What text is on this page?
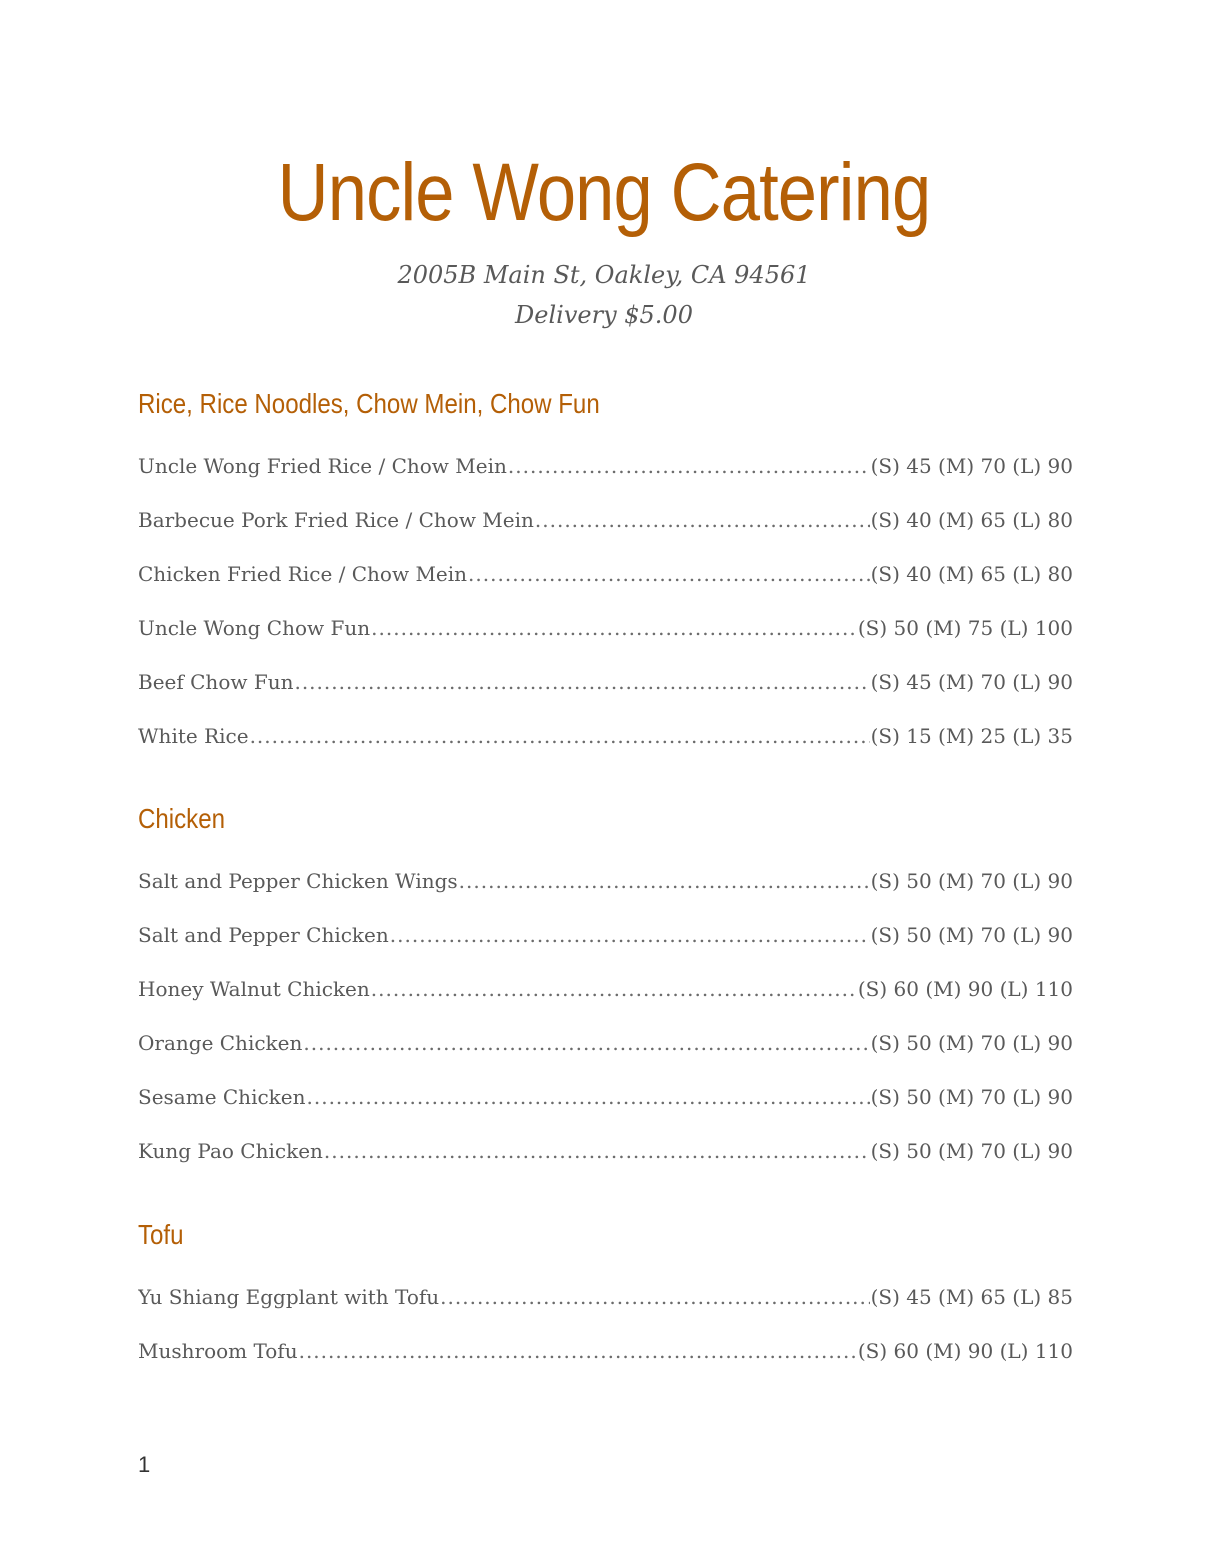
Uncle Wong Catering

2005B Main St, Oakley, CA 94561

Delivery $5.00

Rice, Rice Noodles, Chow Mein, Chow Fun
Uncle Wong Fried Rice / Chow Mein .....	(S) 45 (M) 70 (L) 90
Barbecue Pork Fried Rice / Chow Mein .....	(S) 40 (M) 65 (L) 80
Chicken Fried Rice / Chow Mein .....	(S) 40 (M) 65 (L) 80
Uncle Wong Chow Fun .....	(S) 50 (M) 75 (L) 100
Beef Chow Fun .....	(S) 45 (M) 70 (L) 90
White Rice .....	(S) 15 (M) 25 (L) 35
Chicken
Salt and Pepper Chicken Wings .....	(S) 50 (M) 70 (L) 90
Salt and Pepper Chicken .....	(S) 50 (M) 70 (L) 90
Honey Walnut Chicken .....	(S) 60 (M) 90 (L) 110
Orange Chicken .....	(S) 50 (M) 70 (L) 90
Sesame Chicken .....	(S) 50 (M) 70 (L) 90
Kung Pao Chicken .....	(S) 50 (M) 70 (L) 90
Tofu
Yu Shiang Eggplant with Tofu .....	(S) 45 (M) 65 (L) 85
Mushroom Tofu .....	(S) 60 (M) 90 (L) 110
1
